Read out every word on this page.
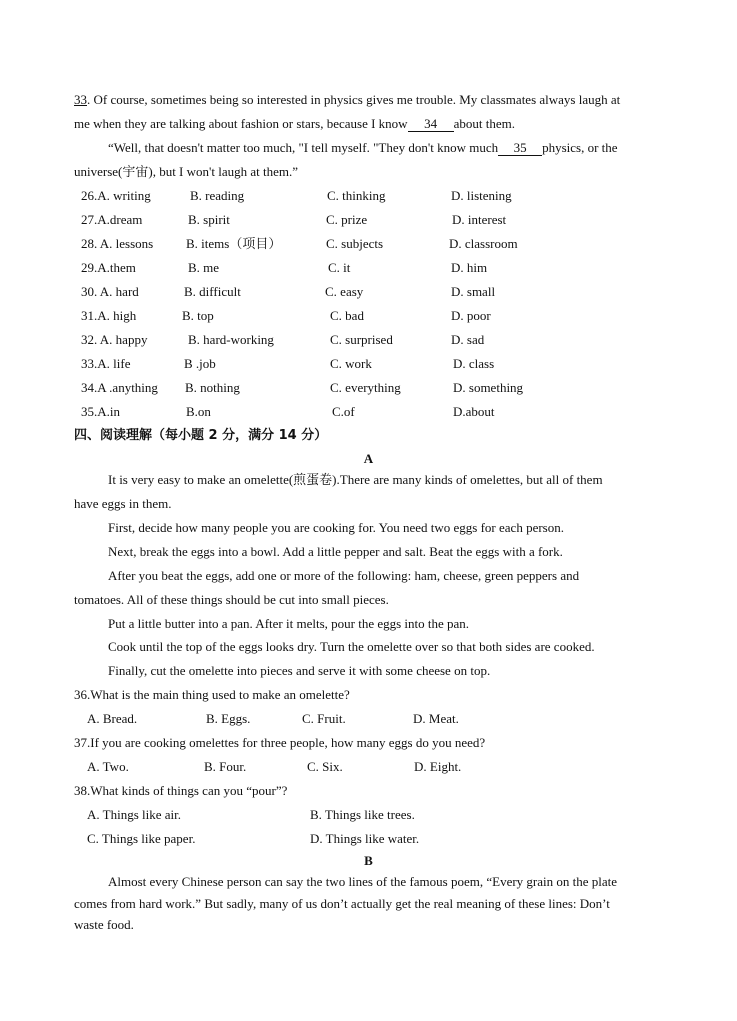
33. Of course, sometimes being so interested in physics gives me trouble. My classmates always laugh at
me when they are talking about fashion or stars, because I know 34 about them.
“Well, that doesn't matter too much, "I tell myself. "They don't know much 35 physics, or the
universe(宇宙), but I won't laugh at them.”
26.A. writing	B. reading	C. thinking	D. listening
27.A.dream	B. spirit	C. prize	D. interest
28. A. lessons	B. items（项目）	C. subjects	D. classroom
29.A.them	B. me	C. it	D. him
30. A. hard	B. difficult	C. easy	D. small
31.A. high	B. top	C. bad	D. poor
32. A. happy	B. hard-working	C. surprised	D. sad
33.A. life	B .job	C. work	D. class
34.A .anything B. nothing	C. everything	D. something
35.A.in	B.on	C.of	D.about
四、阅读理解（每小题 2 分，满分 14 分）
A
It is very easy to make an omelette(煎蛋卷).There are many kinds of omelettes, but all of them
have eggs in them.
First, decide how many people you are cooking for. You need two eggs for each person.
Next, break the eggs into a bowl. Add a little pepper and salt. Beat the eggs with a fork.
After you beat the eggs, add one or more of the following: ham, cheese, green peppers and
tomatoes. All of these things should be cut into small pieces.
Put a little butter into a pan. After it melts, pour the eggs into the pan.
Cook until the top of the eggs looks dry. Turn the omelette over so that both sides are cooked.
Finally, cut the omelette into pieces and serve it with some cheese on top.
36.What is the main thing used to make an omelette?
A. Bread.	B. Eggs.	C. Fruit.	D. Meat.
37.If you are cooking omelettes for three people, how many eggs do you need?
A. Two.	B. Four.	C. Six.	D. Eight.
38.What kinds of things can you “pour”?
A. Things like air.	B. Things like trees.
C. Things like paper.	D. Things like water.
B
Almost every Chinese person can say the two lines of the famous poem, “Every grain on the plate
comes from hard work.” But sadly, many of us don’t actually get the real meaning of these lines: Don’t
waste food.
